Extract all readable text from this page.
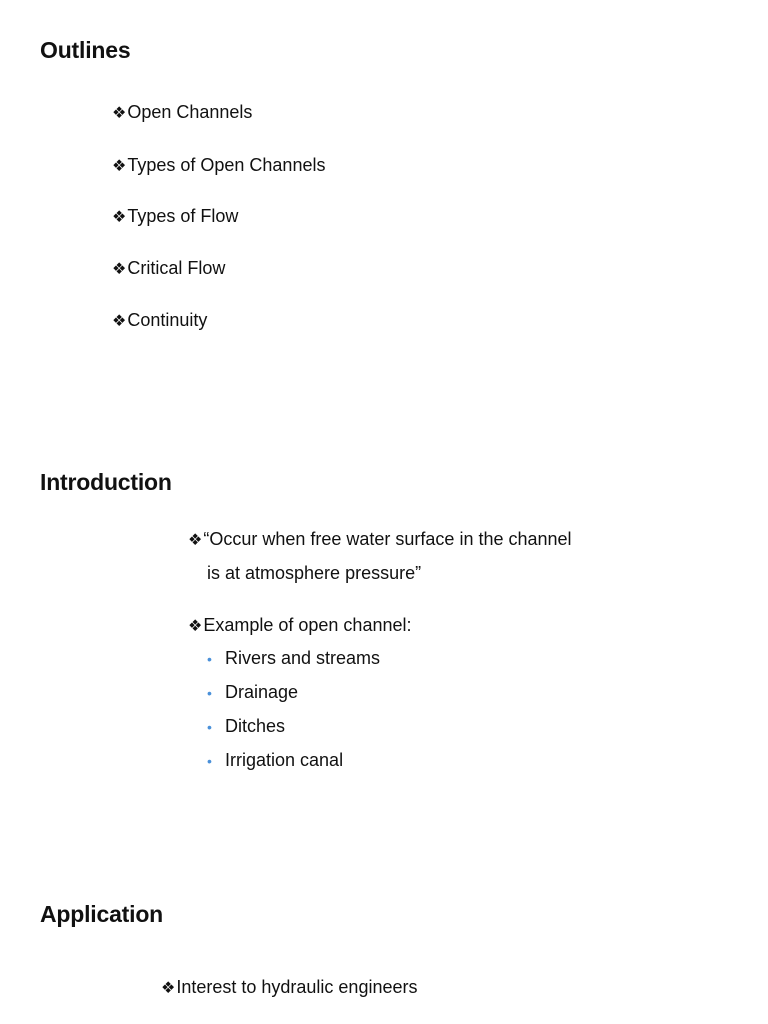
Outlines
❖Open Channels
❖Types of Open Channels
❖Types of Flow
❖Critical Flow
❖Continuity
Introduction
❖“Occur when free water surface in the channel
is at atmosphere pressure”
❖Example of open channel:
• Rivers and streams
• Drainage
• Ditches
• Irrigation canal
Application
❖Interest to hydraulic engineers
